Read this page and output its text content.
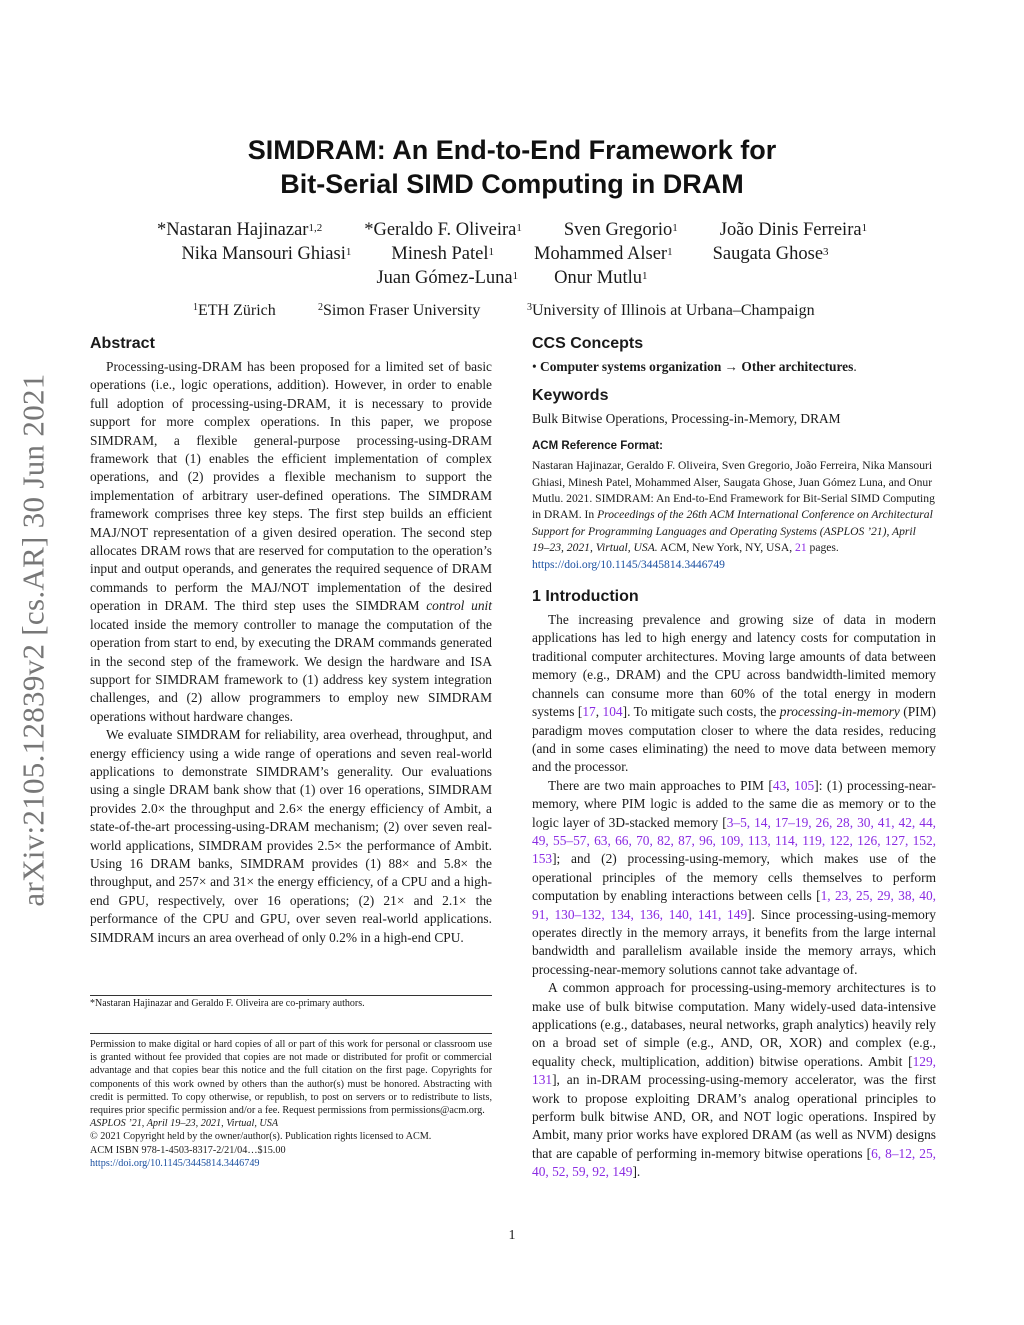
arXiv:2105.12839v2 [cs.AR] 30 Jun 2021
SIMDRAM: An End-to-End Framework for
Bit-Serial SIMD Computing in DRAM
*Nastaran Hajinazar$^{1,2}$ *Geraldo F. Oliveira$^1$ Sven Gregorio$^1$ João Dinis Ferreira$^1$
Nika Mansouri Ghiasi$^1$ Minesh Patel$^1$ Mohammed Alser$^1$ Saugata Ghose$^3$
Juan Gómez-Luna$^1$ Onur Mutlu$^1$
$^1$ ETH Zürich	$^2$ Simon Fraser University	$^3$ University of Illinois at Urbana–Champaign
Abstract

Processing-using-DRAM has been proposed for a limited set of basic operations (i.e., logic operations, addition). However, in order to enable full adoption of processing-using-DRAM, it is necessary to provide support for more complex operations. In this paper, we propose SIMDRAM, a flexible general-purpose processing-using-DRAM framework that (1) enables the efficient implementation of complex operations, and (2) provides a flexible mechanism to support the implementation of arbitrary user-defined operations. The SIMDRAM framework comprises three key steps. The first step builds an efficient MAJ/NOT representation of a given desired operation. The second step allocates DRAM rows that are reserved for computation to the operation’s input and output operands, and generates the required sequence of DRAM commands to perform the MAJ/NOT implementation of the desired operation in DRAM. The third step uses the SIMDRAM control unit located inside the memory controller to manage the computation of the operation from start to end, by executing the DRAM commands generated in the second step of the framework. We design the hardware and ISA support for SIMDRAM framework to (1) address key system integration challenges, and (2) allow programmers to employ new SIMDRAM operations without hardware changes.

We evaluate SIMDRAM for reliability, area overhead, throughput, and energy efficiency using a wide range of operations and seven real-world applications to demonstrate SIMDRAM’s generality. Our evaluations using a single DRAM bank show that (1) over 16 operations, SIMDRAM provides 2.0× the throughput and 2.6× the energy efficiency of Ambit, a state-of-the-art processing-using-DRAM mechanism; (2) over seven real-world applications, SIMDRAM provides 2.5× the performance of Ambit. Using 16 DRAM banks, SIMDRAM provides (1) 88× and 5.8× the throughput, and 257× and 31× the energy efficiency, of a CPU and a high-end GPU, respectively, over 16 operations; (2) 21× and 2.1× the performance of the CPU and GPU, over seven real-world applications. SIMDRAM incurs an area overhead of only 0.2% in a high-end CPU.

*Nastaran Hajinazar and Geraldo F. Oliveira are co-primary authors.
Permission to make digital or hard copies of all or part of this work for personal or classroom use is granted without fee provided that copies are not made or distributed for profit or commercial advantage and that copies bear this notice and the full citation on the first page. Copyrights for components of this work owned by others than the author(s) must be honored. Abstracting with credit is permitted. To copy otherwise, or republish, to post on servers or to redistribute to lists, requires prior specific permission and/or a fee. Request permissions from permissions@acm.org.
ASPLOS ’21, April 19–23, 2021, Virtual, USA
© 2021 Copyright held by the owner/author(s). Publication rights licensed to ACM.
ACM ISBN 978-1-4503-8317-2/21/04…$15.00
https://doi.org/10.1145/3445814.3446749
CCS Concepts

• Computer systems organization → Other architectures.

Keywords

Bulk Bitwise Operations, Processing-in-Memory, DRAM

ACM Reference Format:

Nastaran Hajinazar, Geraldo F. Oliveira, Sven Gregorio, João Ferreira, Nika Mansouri Ghiasi, Minesh Patel, Mohammed Alser, Saugata Ghose, Juan Gómez Luna, and Onur Mutlu. 2021. SIMDRAM: An End-to-End Framework for Bit-Serial SIMD Computing in DRAM. In Proceedings of the 26th ACM International Conference on Architectural Support for Programming Languages and Operating Systems (ASPLOS ’21), April 19–23, 2021, Virtual, USA. ACM, New York, NY, USA, 21 pages. https://doi.org/10.1145/3445814.3446749

1 Introduction

The increasing prevalence and growing size of data in modern applications has led to high energy and latency costs for computation in traditional computer architectures. Moving large amounts of data between memory (e.g., DRAM) and the CPU across bandwidth-limited memory channels can consume more than 60% of the total energy in modern systems [17, 104]. To mitigate such costs, the processing-in-memory (PIM) paradigm moves computation closer to where the data resides, reducing (and in some cases eliminating) the need to move data between memory and the processor.

There are two main approaches to PIM [43, 105]: (1) processing-near-memory, where PIM logic is added to the same die as memory or to the logic layer of 3D-stacked memory [3–5, 14, 17–19, 26, 28, 30, 41, 42, 44, 49, 55–57, 63, 66, 70, 82, 87, 96, 109, 113, 114, 119, 122, 126, 127, 152, 153]; and (2) processing-using-memory, which makes use of the operational principles of the memory cells themselves to perform computation by enabling interactions between cells [1, 23, 25, 29, 38, 40, 91, 130–132, 134, 136, 140, 141, 149]. Since processing-using-memory operates directly in the memory arrays, it benefits from the large internal bandwidth and parallelism available inside the memory arrays, which processing-near-memory solutions cannot take advantage of.

A common approach for processing-using-memory architectures is to make use of bulk bitwise computation. Many widely-used data-intensive applications (e.g., databases, neural networks, graph analytics) heavily rely on a broad set of simple (e.g., AND, OR, XOR) and complex (e.g., equality check, multiplication, addition) bitwise operations. Ambit [129, 131], an in-DRAM processing-using-memory accelerator, was the first work to propose exploiting DRAM’s analog operational principles to perform bulk bitwise AND, OR, and NOT logic operations. Inspired by Ambit, many prior works have explored DRAM (as well as NVM) designs that are capable of performing in-memory bitwise operations [6, 8–12, 25, 40, 52, 59, 92, 149].

1
